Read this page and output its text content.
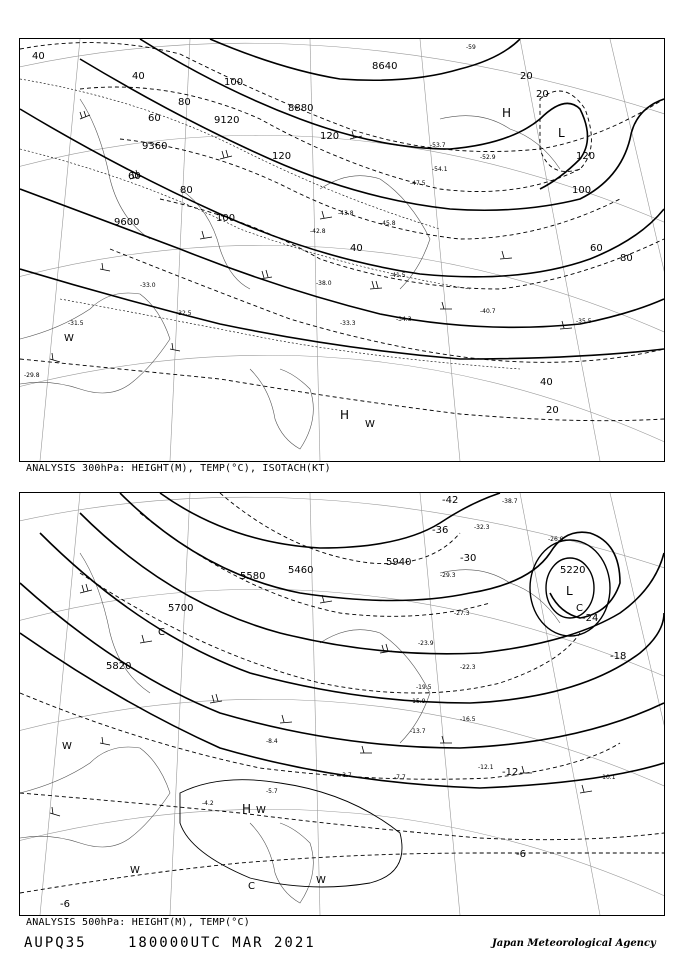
8640
8880
9120
9360
9600
40
40
60
80
100
120
120
100
80
60
40
20
20
60
80
100
120
20
40
-59
-53.7
-52.9
-54.1
-47.5
-45.8
-43.8
-42.8
-41.5
-38.0
-33.0
-34.3	-35.5
-40.7
-31.5
-32.5
-33.3
-29.8
H
L
H
W
W
ANALYSIS 300hPa: HEIGHT(M), TEMP(°C), ISOTACH(KT)
5220
5460
5580
5700
5820
5940
-42
-36
-30
-24
-18
-12
-6
-6
-38.7
-32.3
-26.9
-29.3
-27.3
-23.9
-22.3
-19.5
-16.5
-15.9
-13.7
-12.1
-10.1
-7.7
-5.7
-4.2
-3.7
-8.4
L
C
C
H W
W
W
W
C
ANALYSIS 500hPa: HEIGHT(M), TEMP(°C)
AUPQ35	180000UTC MAR 2021	Japan Meteorological Agency
